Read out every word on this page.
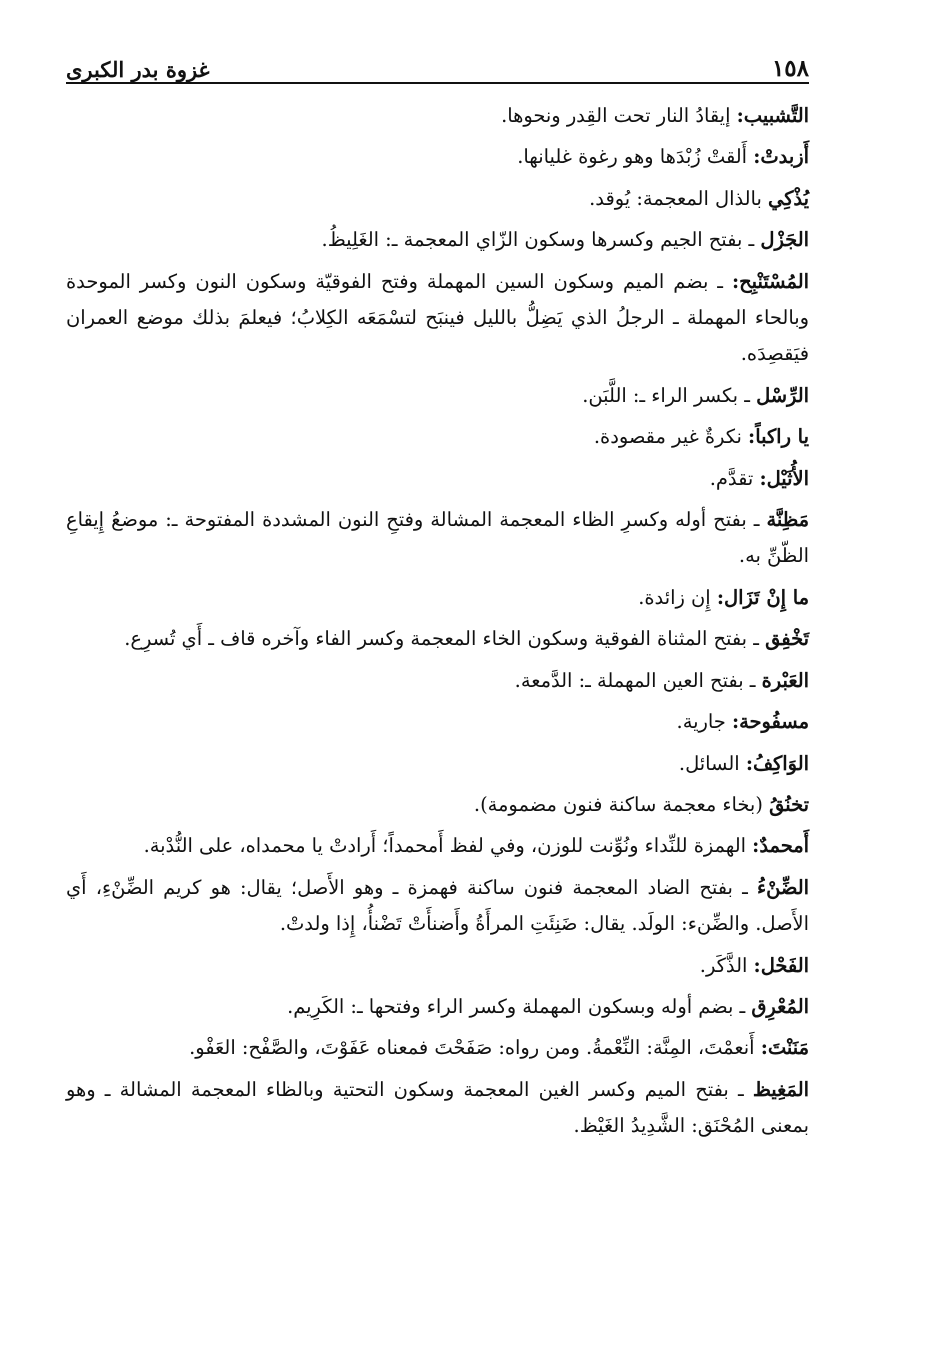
١٥٨
غزوة بدر الكبرى

التَّشبيب: إيقادُ النار تحت القِدر ونحوها.

أَزبدتْ: أَلقتْ زُبْدَها وهو رغوة غليانها.

يُذْكِي بالذال المعجمة: يُوقد.

الجَزْل ـ بفتح الجيم وكسرها وسكون الزّاي المعجمة ـ: الغَلِيظُ.

المُسْتَنْبِح: ـ بضم الميم وسكون السين المهملة وفتح الفوقيّة وسكون النون وكسر الموحدة وبالحاء المهملة ـ الرجلُ الذي يَضِلُّ بالليل فينبَح لتسْمَعَه الكِلابُ؛ فيعلمَ بذلك موضع العمران فيَقصِدَه.

الرِّسْل ـ بكسر الراء ـ: اللَّبَن.

يا راكباً: نكرةٌ غير مقصودة.

الأُثَيْل: تقدَّم.

مَظِنَّة ـ بفتح أوله وكسرِ الظاء المعجمة المشالة وفتحِ النون المشددة المفتوحة ـ: موضعُ إِيقاعِ الظّنِّ به.

ما إِنْ تَزَال: إِن زائدة.

تَخْفِق ـ بفتح المثناة الفوقية وسكون الخاء المعجمة وكسر الفاء وآخره قاف ـ أَي تُسرِع.

العَبْرة ـ بفتح العين المهملة ـ: الدَّمعة.

مسفُوحة: جارية.

الوَاكِفُ: السائل.

تخنُقُ (بخاء معجمة ساكنة فنون مضمومة).

أَمحمدٌ: الهمزة للنِّداء ونُوِّنت للوزن، وفي لفظ أَمحمداً؛ أَرادتْ يا محمداه، على النُّدْبة.

الضِّنْءُ ـ بفتح الضاد المعجمة فنون ساكنة فهمزة ـ وهو الأَصل؛ يقال: هو كريم الضِّنْءِ، أَي الأَصل. والضِّنء: الولَد. يقال: ضَنِئَتِ المرأَةُ وأَضنأَتْ تَضْنأُ، إِذا ولدتْ.

الفَحْل: الذَّكَر.

المُعْرِق ـ بضم أوله وبسكون المهملة وكسر الراء وفتحها ـ: الكَرِيم.

مَنَنْتَ: أَنعمْتَ، المِنَّة: النِّعْمةُ. ومن رواه: صَفَحْتَ فمعناه عَفَوْتَ، والصَّفْح: العَفْو.

المَغِيظ ـ بفتح الميم وكسر الغين المعجمة وسكون التحتية وبالظاء المعجمة المشالة ـ وهو بمعنى المُحْنَق: الشَّدِيدُ الغَيْظ.
